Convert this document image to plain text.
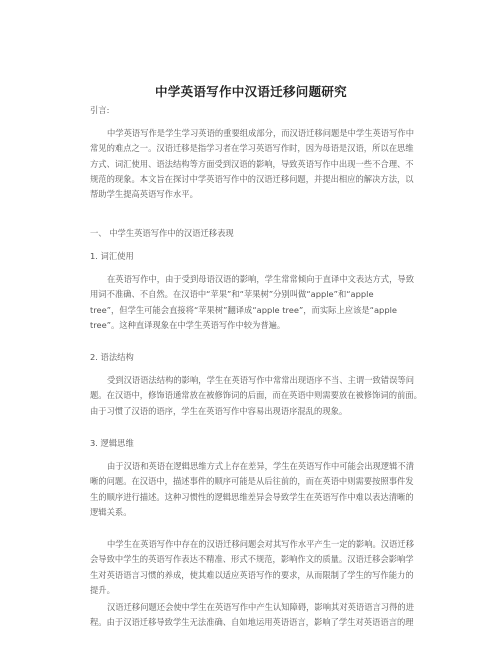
中学英语写作中汉语迁移问题研究
引言:
中学英语写作是学生学习英语的重要组成部分，而汉语迁移问题是中学生英语写作中
常见的难点之一。汉语迁移是指学习者在学习英语写作时，因为母语是汉语，所以在思维
方式、词汇使用、语法结构等方面受到汉语的影响，导致英语写作中出现一些不合理、不
规范的现象。本文旨在探讨中学英语写作中的汉语迁移问题，并提出相应的解决方法，以
帮助学生提高英语写作水平。
一、 中学生英语写作中的汉语迁移表现
1. 词汇使用
在英语写作中，由于受到母语汉语的影响，学生常常倾向于直译中文表达方式，导致
用词不准确、不自然。在汉语中“苹果”和“苹果树”分别叫做“apple”和“apple
tree”，但学生可能会直接将“苹果树”翻译成“apple tree”，而实际上应该是“apple
tree”。这种直译现象在中学生英语写作中较为普遍。
2. 语法结构
受到汉语语法结构的影响，学生在英语写作中常常出现语序不当、主谓一致错误等问
题。在汉语中，修饰语通常放在被修饰词的后面，而在英语中则需要放在被修饰词的前面。
由于习惯了汉语的语序，学生在英语写作中容易出现语序混乱的现象。
3. 逻辑思维
由于汉语和英语在逻辑思维方式上存在差异，学生在英语写作中可能会出现逻辑不清
晰的问题。在汉语中，描述事件的顺序可能是从后往前的，而在英语中则需要按照事件发
生的顺序进行描述。这种习惯性的逻辑思维差异会导致学生在英语写作中难以表达清晰的
逻辑关系。
中学生在英语写作中存在的汉语迁移问题会对其写作水平产生一定的影响。汉语迁移
会导致中学生的英语写作表达不精准、形式不规范，影响作文的质量。汉语迁移会影响学
生对英语语言习惯的养成，使其难以适应英语写作的要求，从而限制了学生的写作能力的
提升。
汉语迁移问题还会使中学生在英语写作中产生认知障碍，影响其对英语语言习得的进
程。由于汉语迁移导致学生无法准确、自如地运用英语语言，影响了学生对英语语言的理
